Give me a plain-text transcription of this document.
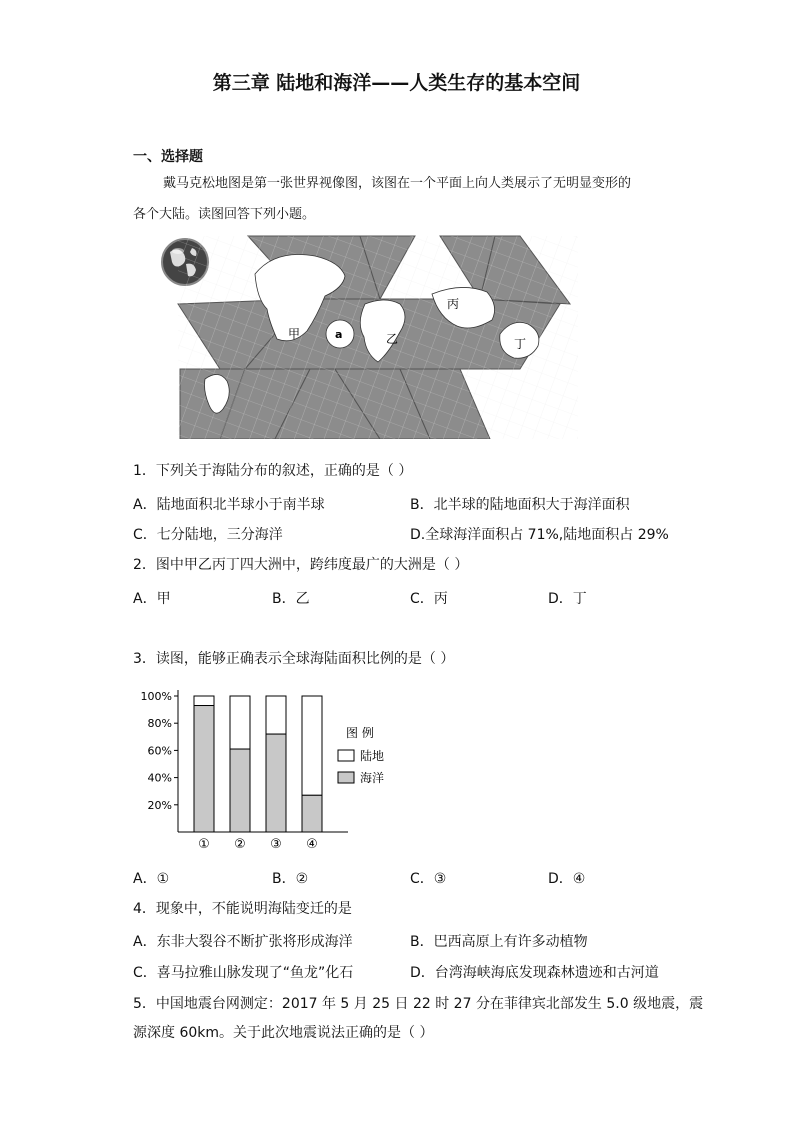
第三章 陆地和海洋——人类生存的基本空间
一、选择题
戴马克松地图是第一张世界视像图，该图在一个平面上向人类展示了无明显变形的
各个大陆。读图回答下列小题。
甲	a	乙
丙
丁
1．下列关于海陆分布的叙述，正确的是（ ）
A．陆地面积北半球小于南半球	B．北半球的陆地面积大于海洋面积
C．七分陆地，三分海洋	D.全球海洋面积占 71%,陆地面积占 29%
2．图中甲乙丙丁四大洲中，跨纬度最广的大洲是（ ）
A．甲	B．乙	C．丙	D．丁
3．读图，能够正确表示全球海陆面积比例的是（ ）
20%
40%
60%
80%
100%
① ② ③ ④
图 例
陆地
海洋
A．①	B．②	C．③	D．④
4．现象中，不能说明海陆变迁的是
A．东非大裂谷不断扩张将形成海洋	B．巴西高原上有许多动植物
C．喜马拉雅山脉发现了“鱼龙”化石	D．台湾海峡海底发现森林遗迹和古河道
5．中国地震台网测定：2017 年 5 月 25 日 22 时 27 分在菲律宾北部发生 5.0 级地震，震
源深度 60km。关于此次地震说法正确的是（ ）
